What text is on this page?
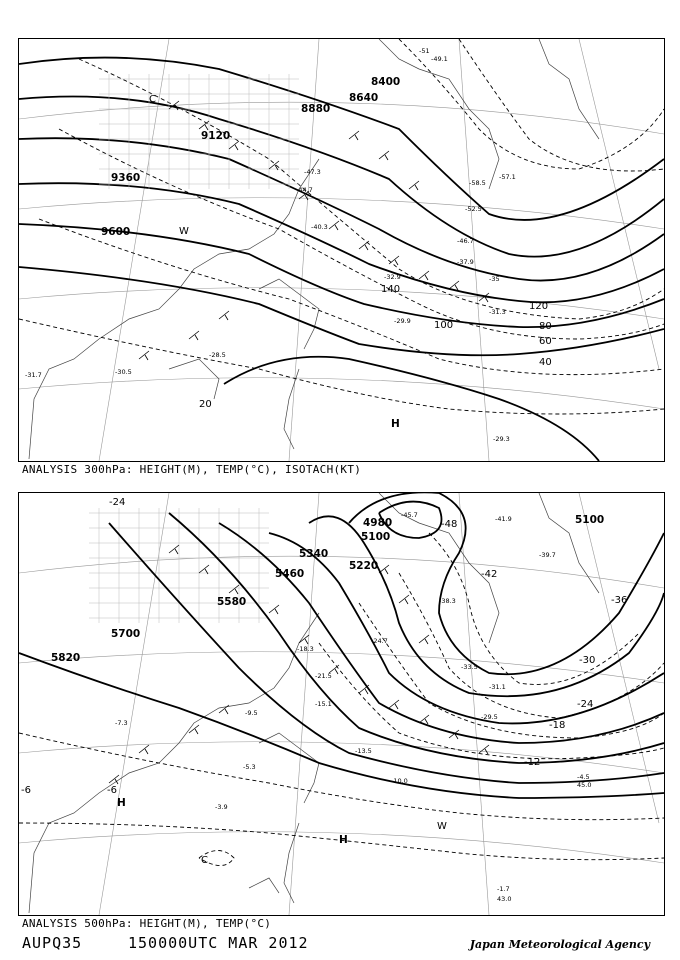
8400
8640
8880
9120
9360
9600
20
40
60
80
100
120
140
H
C
W
-51
-49.1
-47.3
-44.7
-40.3
-37.9
-35
-32.9
-31.3
-29.9
-28.5
-30.5
-31.7
-29.3
-58.5
-57.1
-52.5
-46.7
ANALYSIS 300hPa: HEIGHT(M), TEMP(°C), ISOTACH(KT)
4980
5100
5220
5340
5460
5580
5700
5820
5100
-48
-42
-36
-30
-24
-18
-12
-6
-24
-6
H
H
C
W
-45.7	-41.9
-39.7
-38.3
-33.5
-31.1
-29.5
-24.7
-21.5
-18.3
-15.1
-13.5
-10.0
-9.5
-7.3
-5.3
-4.5
-3.9
-1.7
43.0
45.0
ANALYSIS 500hPa: HEIGHT(M), TEMP(°C)
AUPQ35	150000UTC MAR 2012	Japan Meteorological Agency
